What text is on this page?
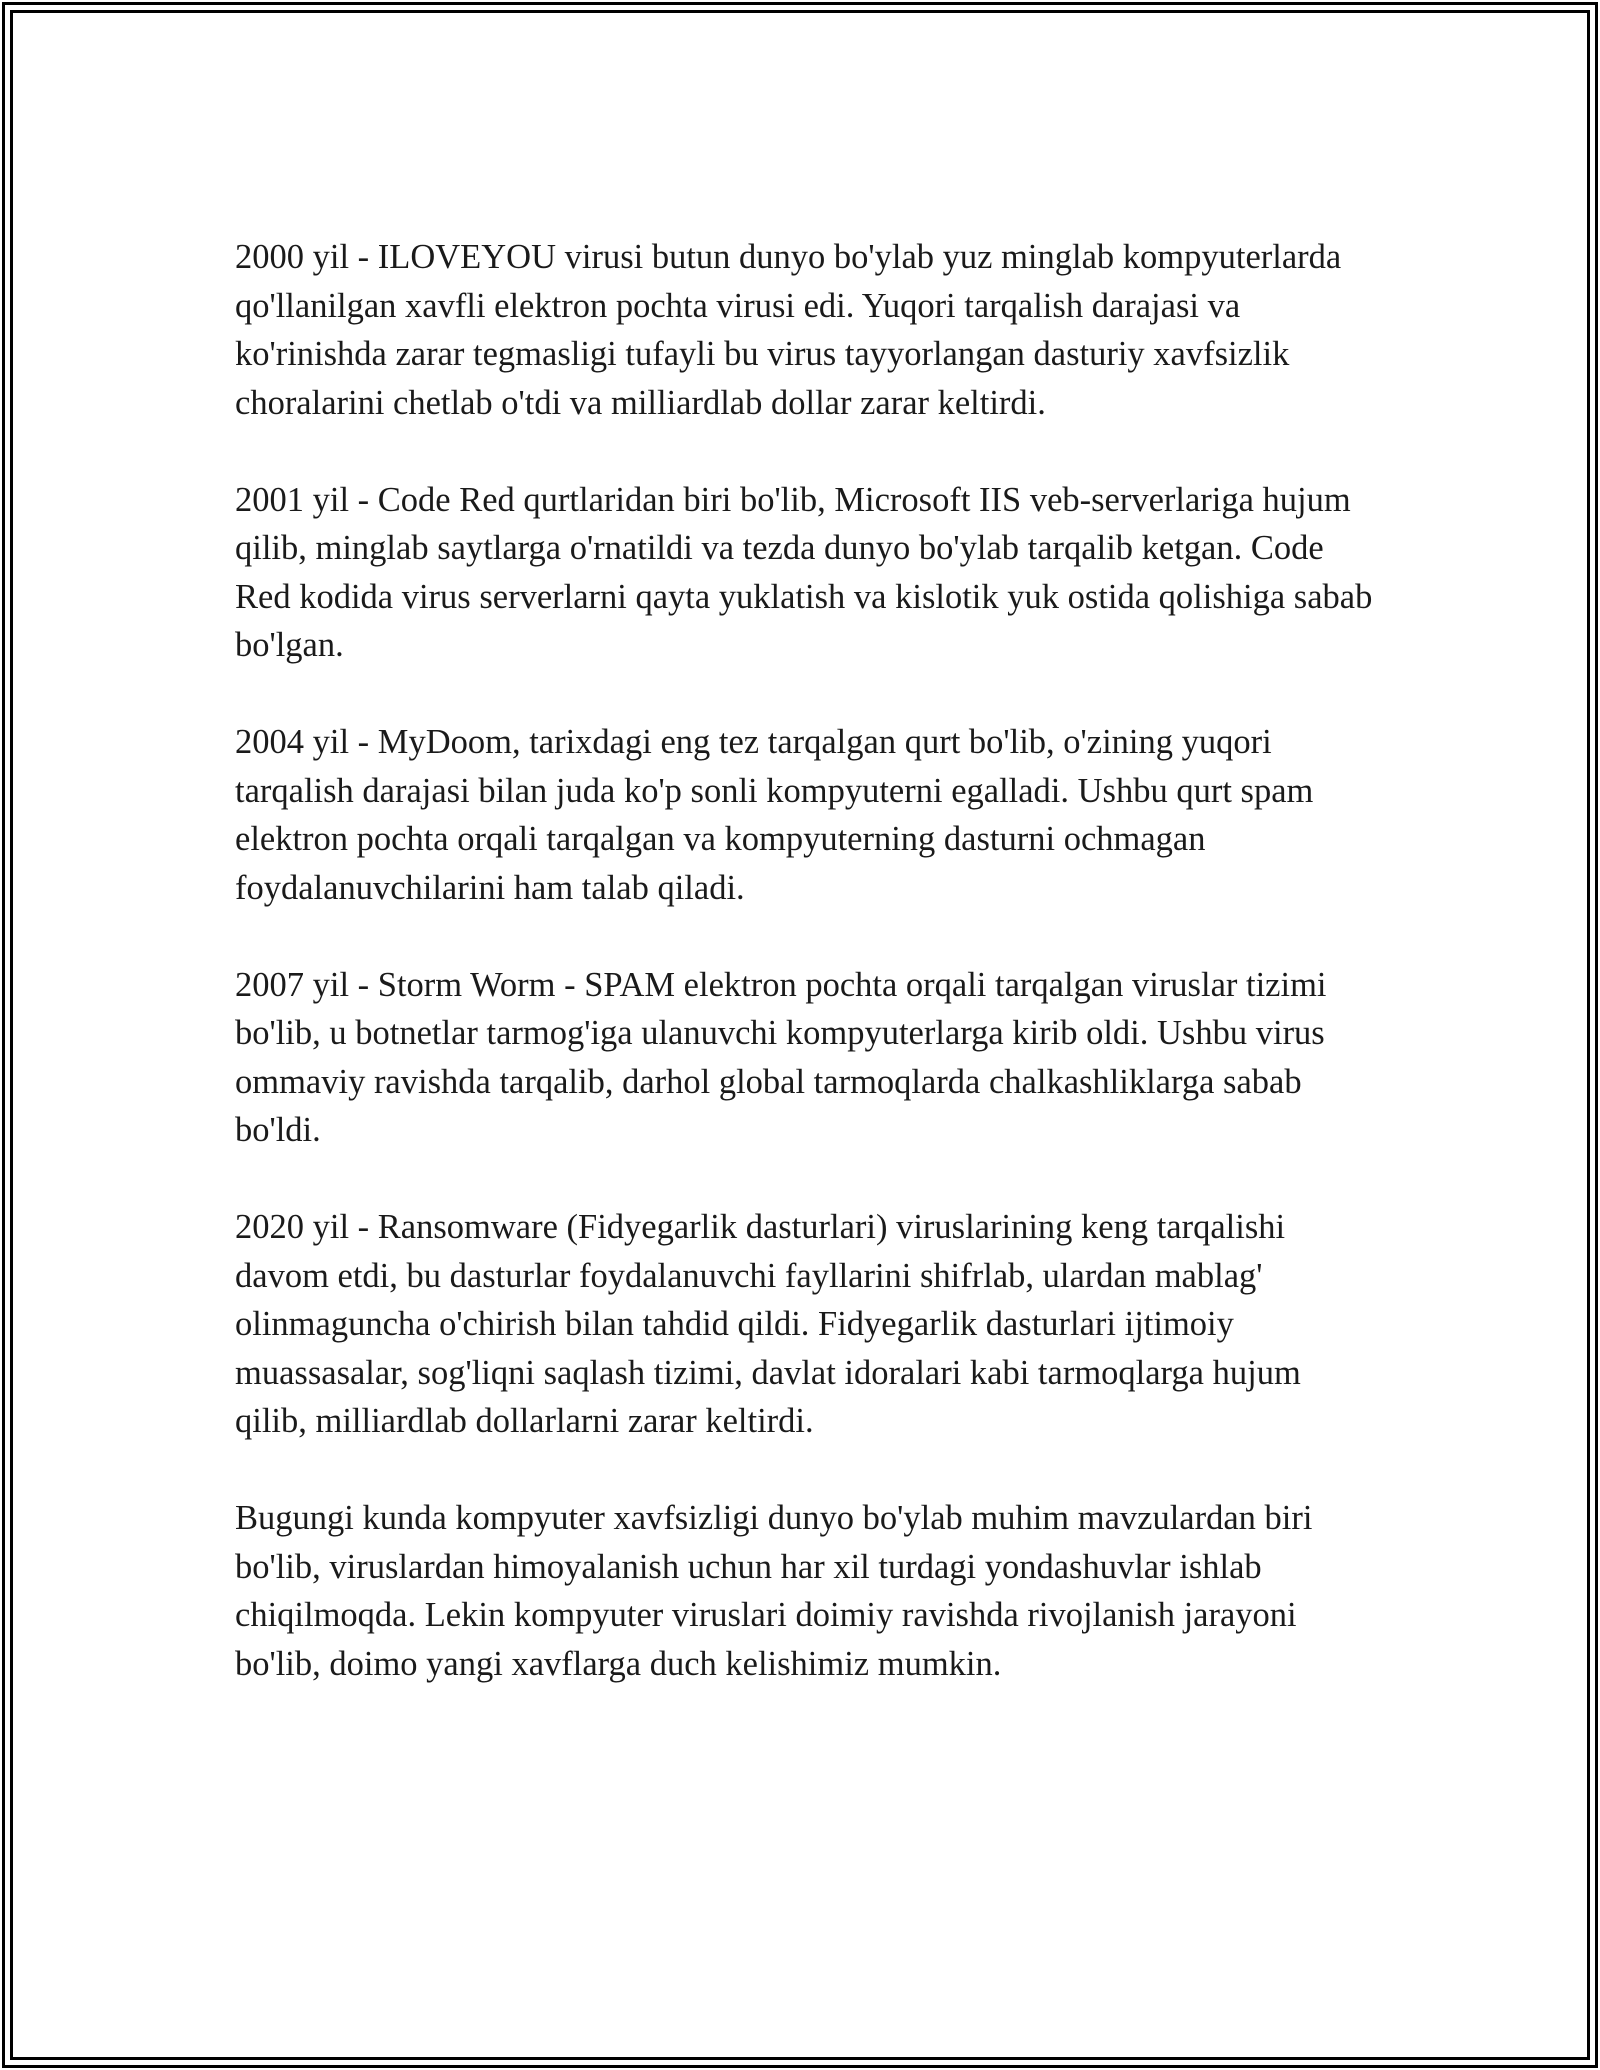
2000 yil - ILOVEYOU virusi butun dunyo bo'ylab yuz minglab kompyuterlarda qo'llanilgan xavfli elektron pochta virusi edi. Yuqori tarqalish darajasi va ko'rinishda zarar tegmasligi tufayli bu virus tayyorlangan dasturiy xavfsizlik choralarini chetlab o'tdi va milliardlab dollar zarar keltirdi.

2001 yil - Code Red qurtlaridan biri bo'lib, Microsoft IIS veb-serverlariga hujum qilib, minglab saytlarga o'rnatildi va tezda dunyo bo'ylab tarqalib ketgan. Code Red kodida virus serverlarni qayta yuklatish va kislotik yuk ostida qolishiga sabab bo'lgan.

2004 yil - MyDoom, tarixdagi eng tez tarqalgan qurt bo'lib, o'zining yuqori tarqalish darajasi bilan juda ko'p sonli kompyuterni egalladi. Ushbu qurt spam elektron pochta orqali tarqalgan va kompyuterning dasturni ochmagan foydalanuvchilarini ham talab qiladi.

2007 yil - Storm Worm - SPAM elektron pochta orqali tarqalgan viruslar tizimi bo'lib, u botnetlar tarmog'iga ulanuvchi kompyuterlarga kirib oldi. Ushbu virus ommaviy ravishda tarqalib, darhol global tarmoqlarda chalkashliklarga sabab bo'ldi.

2020 yil - Ransomware (Fidyegarlik dasturlari) viruslarining keng tarqalishi davom etdi, bu dasturlar foydalanuvchi fayllarini shifrlab, ulardan mablag' olinmaguncha o'chirish bilan tahdid qildi. Fidyegarlik dasturlari ijtimoiy muassasalar, sog'liqni saqlash tizimi, davlat idoralari kabi tarmoqlarga hujum qilib, milliardlab dollarlarni zarar keltirdi.

Bugungi kunda kompyuter xavfsizligi dunyo bo'ylab muhim mavzulardan biri bo'lib, viruslardan himoyalanish uchun har xil turdagi yondashuvlar ishlab chiqilmoqda. Lekin kompyuter viruslari doimiy ravishda rivojlanish jarayoni bo'lib, doimo yangi xavflarga duch kelishimiz mumkin.
